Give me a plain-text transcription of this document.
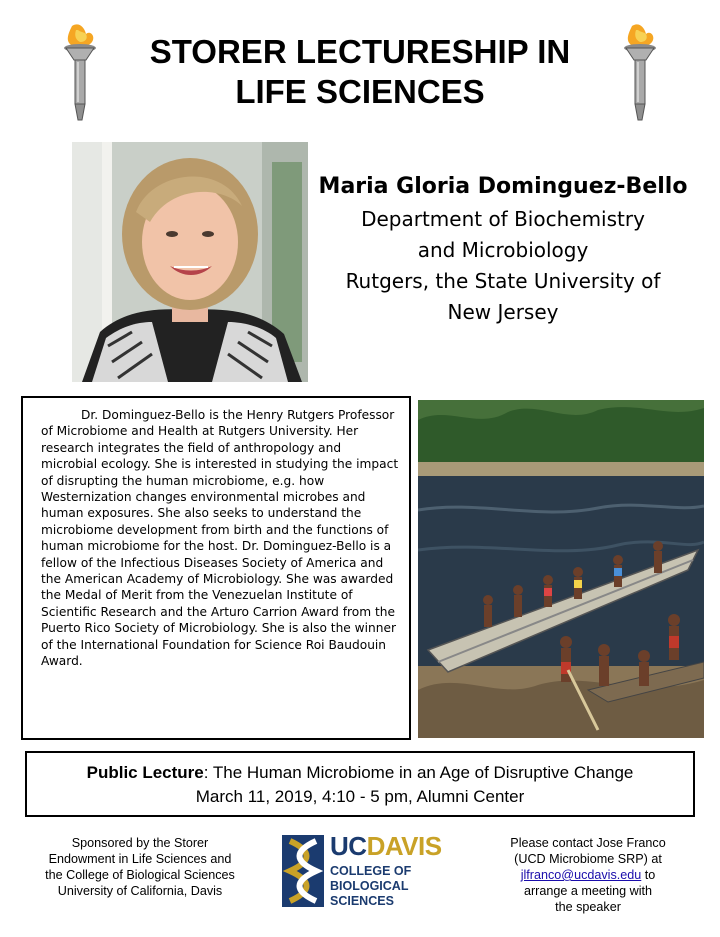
STORER LECTURESHIP IN
LIFE SCIENCES
Maria Gloria Dominguez-Bello
Department of Biochemistry
and Microbiology
Rutgers, the State University of
New Jersey
Dr. Dominguez-Bello is the Henry Rutgers Professor of Microbiome and Health at Rutgers University. Her research integrates the field of anthropology and microbial ecology. She is interested in studying the impact of disrupting the human microbiome, e.g. how Westernization changes environmental microbes and human exposures. She also seeks to understand the microbiome development from birth and the functions of human microbiome for the host. Dr. Dominguez-Bello is a fellow of the Infectious Diseases Society of America and the American Academy of Microbiology. She was awarded the Medal of Merit from the Venezuelan Institute of Scientific Research and the Arturo Carrion Award from the Puerto Rico Society of Microbiology. She is also the winner of the International Foundation for Science Roi Baudouin Award.
Public Lecture: The Human Microbiome in an Age of Disruptive Change
March 11, 2019, 4:10 - 5 pm, Alumni Center
Sponsored by the Storer
Endowment in Life Sciences and
the College of Biological Sciences
University of California, Davis
UCDAVIS
COLLEGE OF
BIOLOGICAL
SCIENCES
Please contact Jose Franco
(UCD Microbiome SRP) at
jlfranco@ucdavis.edu to
arrange a meeting with
the speaker
